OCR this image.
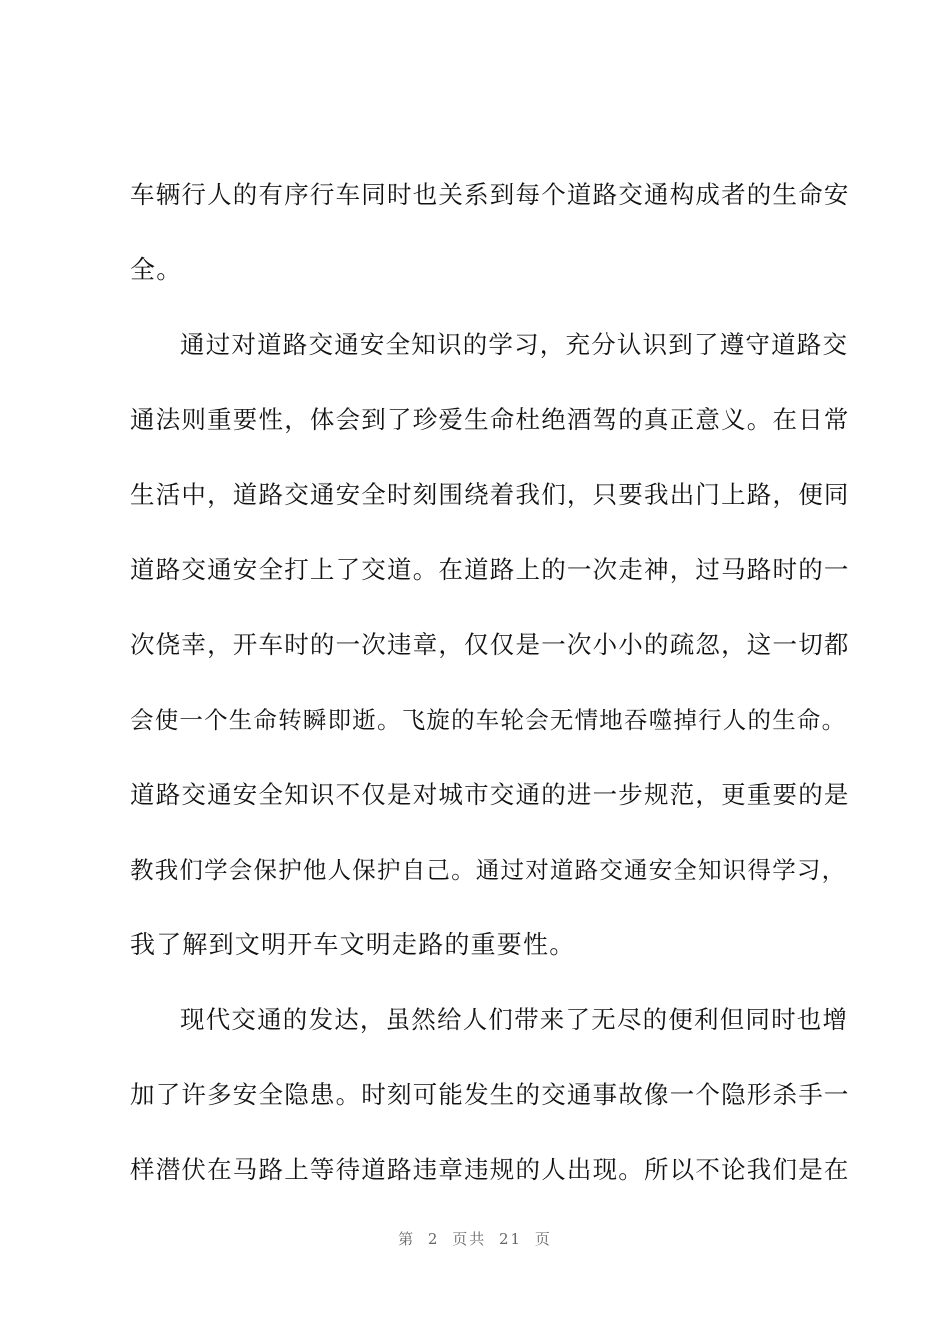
车辆行人的有序行车同时也关系到每个道路交通构成者的生命安
全。
通过对道路交通安全知识的学习，充分认识到了遵守道路交
通法则重要性，体会到了珍爱生命杜绝酒驾的真正意义。在日常
生活中，道路交通安全时刻围绕着我们，只要我出门上路，便同
道路交通安全打上了交道。在道路上的一次走神，过马路时的一
次侥幸，开车时的一次违章，仅仅是一次小小的疏忽，这一切都
会使一个生命转瞬即逝。飞旋的车轮会无情地吞噬掉行人的生命。
道路交通安全知识不仅是对城市交通的进一步规范，更重要的是
教我们学会保护他人保护自己。通过对道路交通安全知识得学习，
我了解到文明开车文明走路的重要性。
现代交通的发达，虽然给人们带来了无尽的便利但同时也增
加了许多安全隐患。时刻可能发生的交通事故像一个隐形杀手一
样潜伏在马路上等待道路违章违规的人出现。所以不论我们是在
第 2 页共 21 页
